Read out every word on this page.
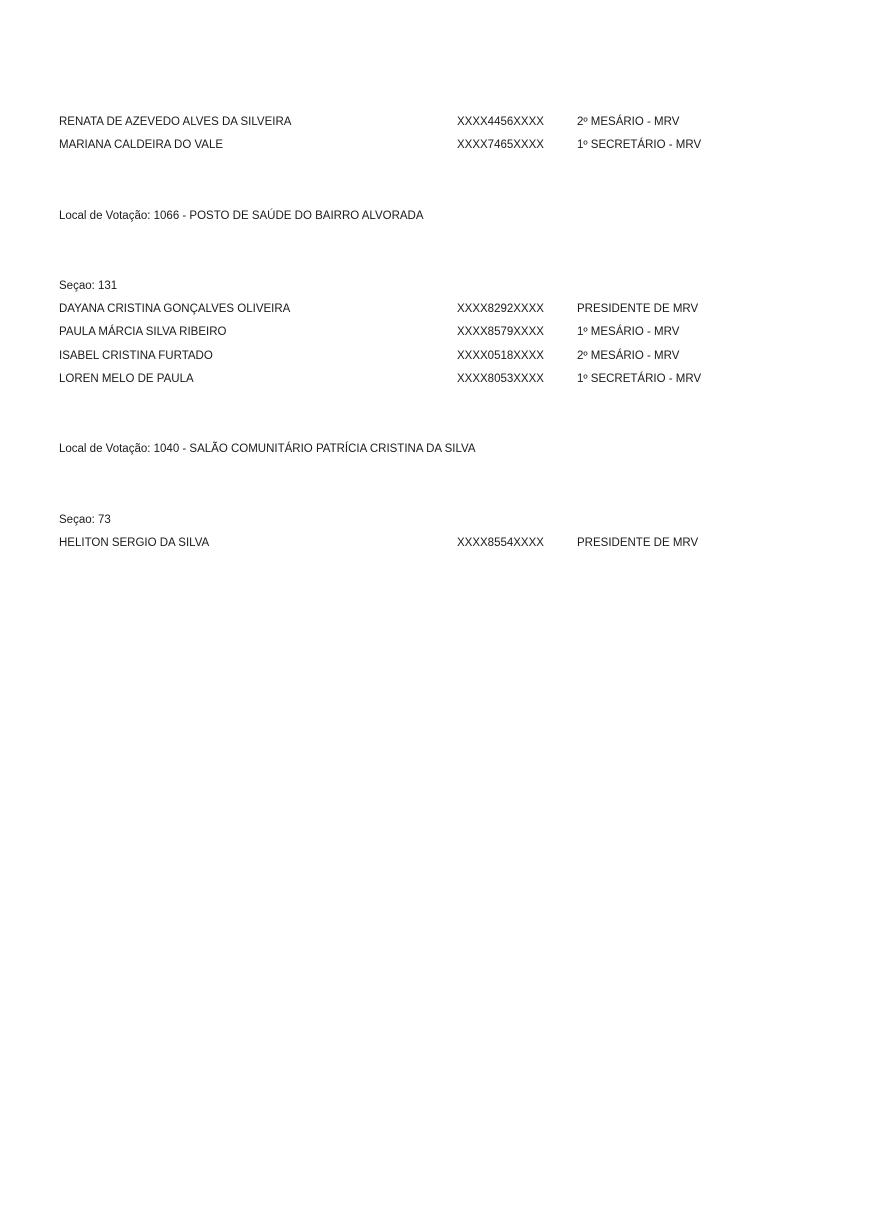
RENATA DE AZEVEDO ALVES DA SILVEIRA	XXXX4456XXXX	2º MESÁRIO - MRV
MARIANA CALDEIRA DO VALE	XXXX7465XXXX	1º SECRETÁRIO - MRV
Local de Votação: 1066 - POSTO DE SAÚDE DO BAIRRO ALVORADA
Seçao: 131
DAYANA CRISTINA GONÇALVES OLIVEIRA	XXXX8292XXXX	PRESIDENTE DE MRV
PAULA MÁRCIA SILVA RIBEIRO	XXXX8579XXXX	1º MESÁRIO - MRV
ISABEL CRISTINA FURTADO	XXXX0518XXXX	2º MESÁRIO - MRV
LOREN MELO DE PAULA	XXXX8053XXXX	1º SECRETÁRIO - MRV
Local de Votação: 1040 - SALÃO COMUNITÁRIO PATRÍCIA CRISTINA DA SILVA
Seçao: 73
HELITON SERGIO DA SILVA	XXXX8554XXXX	PRESIDENTE DE MRV
